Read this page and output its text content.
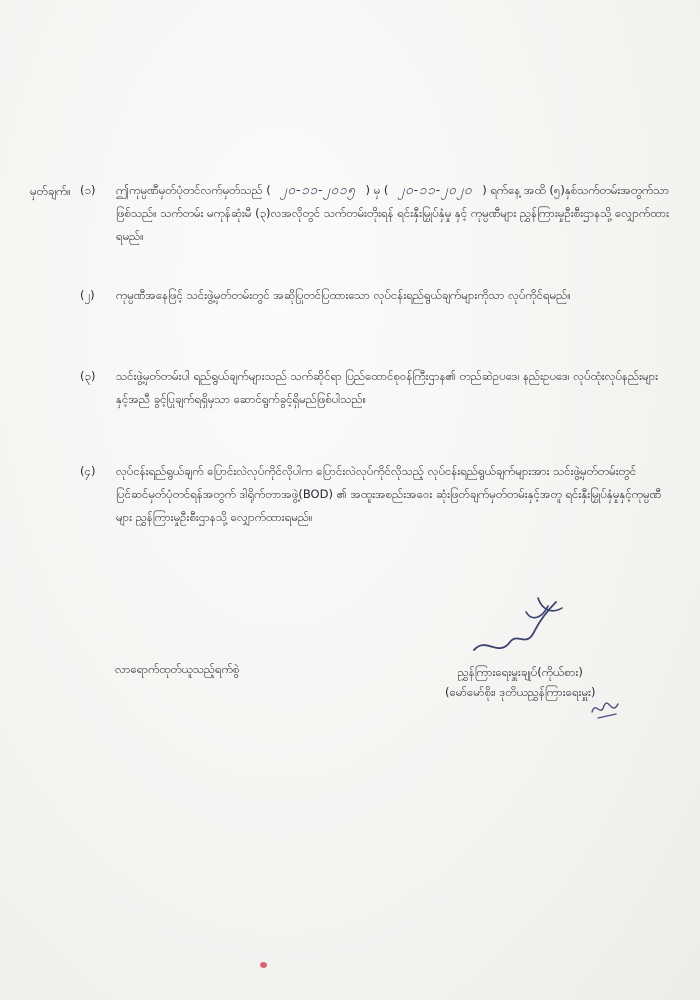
မှတ်ချက်။ (၁)	ဤကုမ္ပဏီမှတ်ပုံတင်လက်မှတ်သည် ( ၂၀-၁၁-၂၀၁၅ ) မှ ( ၂၀-၁၁-၂၀၂၀ ) ရက်နေ့ အထိ (၅)နှစ်သက်တမ်းအတွက်သာ ဖြစ်သည်။ သက်တမ်း မကုန်ဆုံးမီ (၃)လအလိုတွင် သက်တမ်းတိုးရန် ရင်းနှီးမြှုပ်နှံမှု နှင့် ကုမ္ပဏီများ ညွှန်ကြားမှုဦးစီးဌာနသို့ လျှောက်ထားရမည်။
(၂)	ကုမ္ပဏီအနေဖြင့် သင်းဖွဲ့မှတ်တမ်းတွင် အဆိုပြုတင်ပြထားသော လုပ်ငန်းရည်ရွယ်ချက်များကိုသာ လုပ်ကိုင်ရမည်။
(၃)	သင်းဖွဲ့မှတ်တမ်းပါ ရည်ရွယ်ချက်များသည် သက်ဆိုင်ရာ ပြည်ထောင်စုဝန်ကြီးဌာန၏ တည်ဆဲဥပဒေ၊ နည်းဥပဒေ၊ လုပ်ထုံးလုပ်နည်းများနှင့်အညီ ခွင့်ပြုချက်ရရှိမှသာ ဆောင်ရွက်ခွင့်ရှိမည်ဖြစ်ပါသည်။
(၄)	လုပ်ငန်းရည်ရွယ်ချက် ပြောင်းလဲလုပ်ကိုင်လိုပါက ပြောင်းလဲလုပ်ကိုင်လိုသည့် လုပ်ငန်းရည်ရွယ်ချက်များအား သင်းဖွဲ့မှတ်တမ်းတွင် ပြင်ဆင်မှတ်ပုံတင်ရန်အတွက် ဒါရိုက်တာအဖွဲ့(BOD) ၏ အထူးအစည်းအဝေး ဆုံးဖြတ်ချက်မှတ်တမ်းနှင့်အတူ ရင်းနှီးမြှုပ်နှံမှုနှင့်ကုမ္ပဏီများ ညွှန်ကြားမှုဦးစီးဌာနသို့ လျှောက်ထားရမည်။
လာရောက်ထုတ်ယူသည့်ရက်စွဲ	ညွှန်ကြားရေးမှူးချုပ်(ကိုယ်စား)
(မော်မော်စိုး၊ ဒုတိယညွှန်ကြားရေးမှူး)
